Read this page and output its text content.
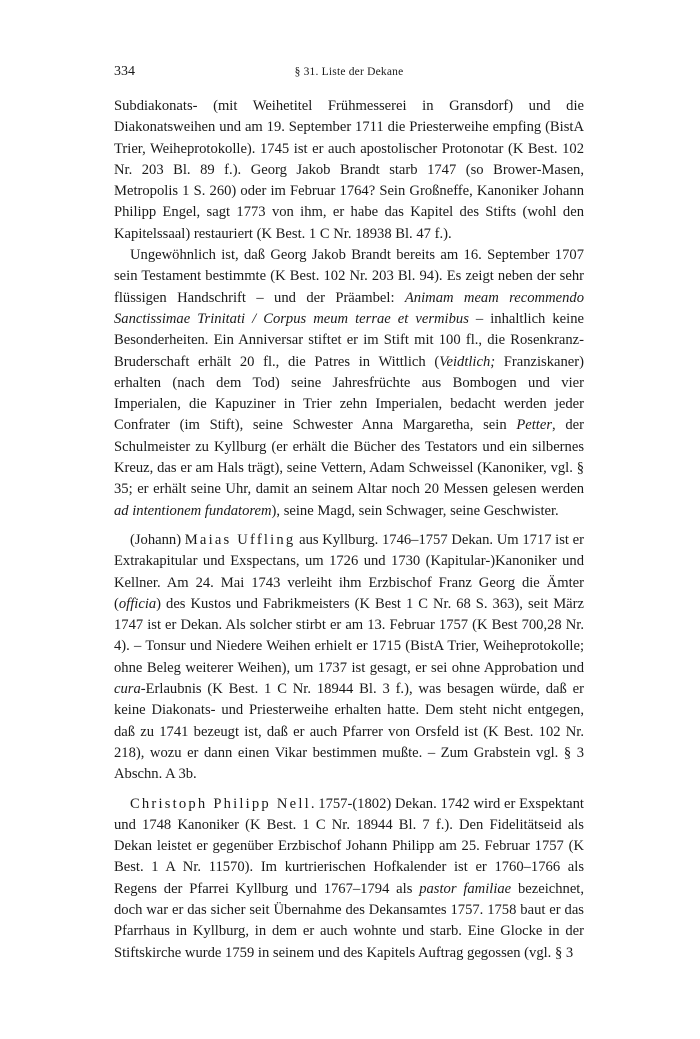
334	§ 31. Liste der Dekane

Subdiakonats- (mit Weihetitel Frühmesserei in Gransdorf) und die Diakonatsweihen und am 19. September 1711 die Priesterweihe empfing (BistA Trier, Weiheprotokolle). 1745 ist er auch apostolischer Protonotar (K Best. 102 Nr. 203 Bl. 89 f.). Georg Jakob Brandt starb 1747 (so Brower-Masen, Metropolis 1 S. 260) oder im Februar 1764? Sein Großneffe, Kanoniker Johann Philipp Engel, sagt 1773 von ihm, er habe das Kapitel des Stifts (wohl den Kapitelssaal) restauriert (K Best. 1 C Nr. 18938 Bl. 47 f.).

Ungewöhnlich ist, daß Georg Jakob Brandt bereits am 16. September 1707 sein Testament bestimmte (K Best. 102 Nr. 203 Bl. 94). Es zeigt neben der sehr flüssigen Handschrift – und der Präambel: Animam meam recommendo Sanctissimae Trinitati / Corpus meum terrae et vermibus – inhaltlich keine Besonderheiten. Ein Anniversar stiftet er im Stift mit 100 fl., die Rosenkranz-Bruderschaft erhält 20 fl., die Patres in Wittlich (Veidtlich; Franziskaner) erhalten (nach dem Tod) seine Jahresfrüchte aus Bombogen und vier Imperialen, die Kapuziner in Trier zehn Imperialen, bedacht werden jeder Confrater (im Stift), seine Schwester Anna Margaretha, sein Petter, der Schulmeister zu Kyllburg (er erhält die Bücher des Testators und ein silbernes Kreuz, das er am Hals trägt), seine Vettern, Adam Schweissel (Kanoniker, vgl. § 35; er erhält seine Uhr, damit an seinem Altar noch 20 Messen gelesen werden ad intentionem fundatorem), seine Magd, sein Schwager, seine Geschwister.

(Johann) Maias Uffling aus Kyllburg. 1746–1757 Dekan. Um 1717 ist er Extrakapitular und Exspectans, um 1726 und 1730 (Kapitular-)Kanoniker und Kellner. Am 24. Mai 1743 verleiht ihm Erzbischof Franz Georg die Ämter (officia) des Kustos und Fabrikmeisters (K Best 1 C Nr. 68 S. 363), seit März 1747 ist er Dekan. Als solcher stirbt er am 13. Februar 1757 (K Best 700,28 Nr. 4). – Tonsur und Niedere Weihen erhielt er 1715 (BistA Trier, Weiheprotokolle; ohne Beleg weiterer Weihen), um 1737 ist gesagt, er sei ohne Approbation und cura-Erlaubnis (K Best. 1 C Nr. 18944 Bl. 3 f.), was besagen würde, daß er keine Diakonats- und Priesterweihe erhalten hatte. Dem steht nicht entgegen, daß zu 1741 bezeugt ist, daß er auch Pfarrer von Orsfeld ist (K Best. 102 Nr. 218), wozu er dann einen Vikar bestimmen mußte. – Zum Grabstein vgl. § 3 Abschn. A 3b.

Christoph Philipp Nell. 1757-(1802) Dekan. 1742 wird er Exspektant und 1748 Kanoniker (K Best. 1 C Nr. 18944 Bl. 7 f.). Den Fidelitätseid als Dekan leistet er gegenüber Erzbischof Johann Philipp am 25. Februar 1757 (K Best. 1 A Nr. 11570). Im kurtrierischen Hofkalender ist er 1760–1766 als Regens der Pfarrei Kyllburg und 1767–1794 als pastor familiae bezeichnet, doch war er das sicher seit Übernahme des Dekansamtes 1757. 1758 baut er das Pfarrhaus in Kyllburg, in dem er auch wohnte und starb. Eine Glocke in der Stiftskirche wurde 1759 in seinem und des Kapitels Auftrag gegossen (vgl. § 3
